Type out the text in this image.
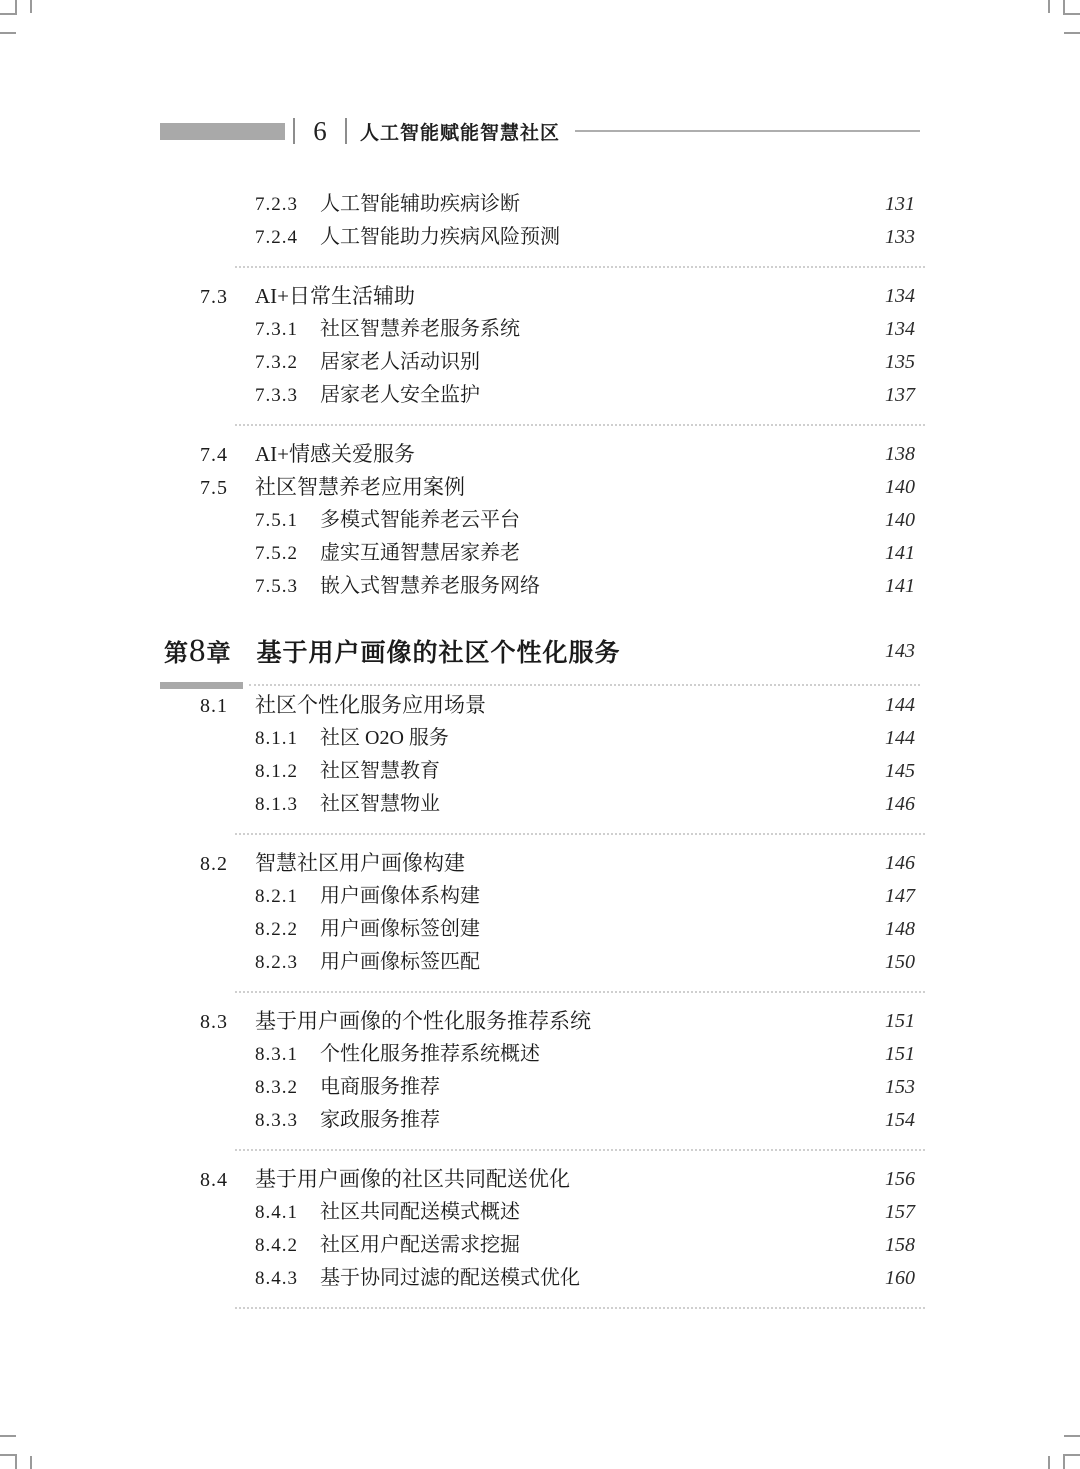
6	人工智能赋能智慧社区
7.2.3 人工智能辅助疾病诊断	131
7.2.4 人工智能助力疾病风险预测	133
7.3 AI+日常生活辅助	134
7.3.1 社区智慧养老服务系统	134
7.3.2 居家老人活动识别	135
7.3.3 居家老人安全监护	137
7.4 AI+情感关爱服务	138
7.5 社区智慧养老应用案例	140
7.5.1 多模式智能养老云平台	140
7.5.2 虚实互通智慧居家养老	141
7.5.3 嵌入式智慧养老服务网络	141
第8章 基于用户画像的社区个性化服务	143
8.1 社区个性化服务应用场景	144
8.1.1 社区 O2O 服务	144
8.1.2 社区智慧教育	145
8.1.3 社区智慧物业	146
8.2 智慧社区用户画像构建	146
8.2.1 用户画像体系构建	147
8.2.2 用户画像标签创建	148
8.2.3 用户画像标签匹配	150
8.3 基于用户画像的个性化服务推荐系统	151
8.3.1 个性化服务推荐系统概述	151
8.3.2 电商服务推荐	153
8.3.3 家政服务推荐	154
8.4 基于用户画像的社区共同配送优化	156
8.4.1 社区共同配送模式概述	157
8.4.2 社区用户配送需求挖掘	158
8.4.3 基于协同过滤的配送模式优化	160
